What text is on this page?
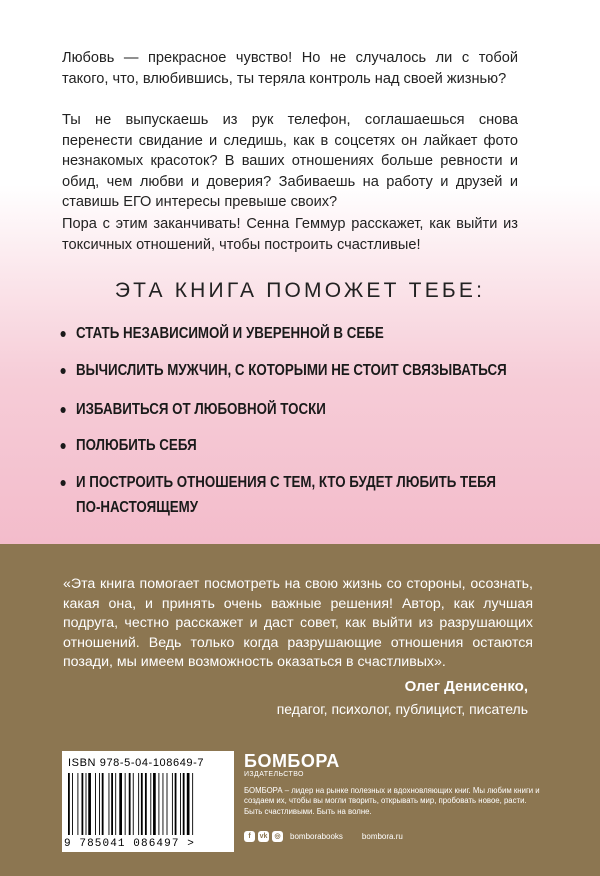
Любовь — прекрасное чувство! Но не случалось ли с тобой такого, что, влюбившись, ты теряла контроль над своей жизнью?

Ты не выпускаешь из рук телефон, соглашаешься снова перенести свидание и следишь, как в соцсетях он лайкает фото незнакомых красоток? В ваших отношениях больше ревности и обид, чем любви и доверия? Забиваешь на работу и друзей и ставишь ЕГО интересы превыше своих?

Пора с этим заканчивать! Сенна Геммур расскажет, как выйти из токсичных отношений, чтобы построить счастливые!

ЭТА КНИГА ПОМОЖЕТ ТЕБЕ:

СТАТЬ НЕЗАВИСИМОЙ И УВЕРЕННОЙ В СЕБЕ
ВЫЧИСЛИТЬ МУЖЧИН, С КОТОРЫМИ НЕ СТОИТ СВЯЗЫВАТЬСЯ
ИЗБАВИТЬСЯ ОТ ЛЮБОВНОЙ ТОСКИ
ПОЛЮБИТЬ СЕБЯ
И ПОСТРОИТЬ ОТНОШЕНИЯ С ТЕМ, КТО БУДЕТ ЛЮБИТЬ ТЕБЯ
ПО-НАСТОЯЩЕМУ

«Эта книга помогает посмотреть на свою жизнь со стороны, осознать, какая она, и принять очень важные решения! Автор, как лучшая подруга, честно расскажет и даст совет, как выйти из разрушающих отношений. Ведь только когда разрушающие отношения остаются позади, мы имеем возможность оказаться в счастливых».

Олег Денисенко,

педагог, психолог, публицист, писатель

ISBN 978-5-04-108649-7
9 785041 086497 >

БОМБОРА

ИЗДАТЕЛЬСТВО

БОМБОРА – лидер на рынке полезных и вдохновляющих книг. Мы любим книги и создаем их, чтобы вы могли творить, открывать мир, пробовать новое, расти. Быть счастливыми. Быть на волне.

f	vk	◎	bomborabooks bombora.ru
